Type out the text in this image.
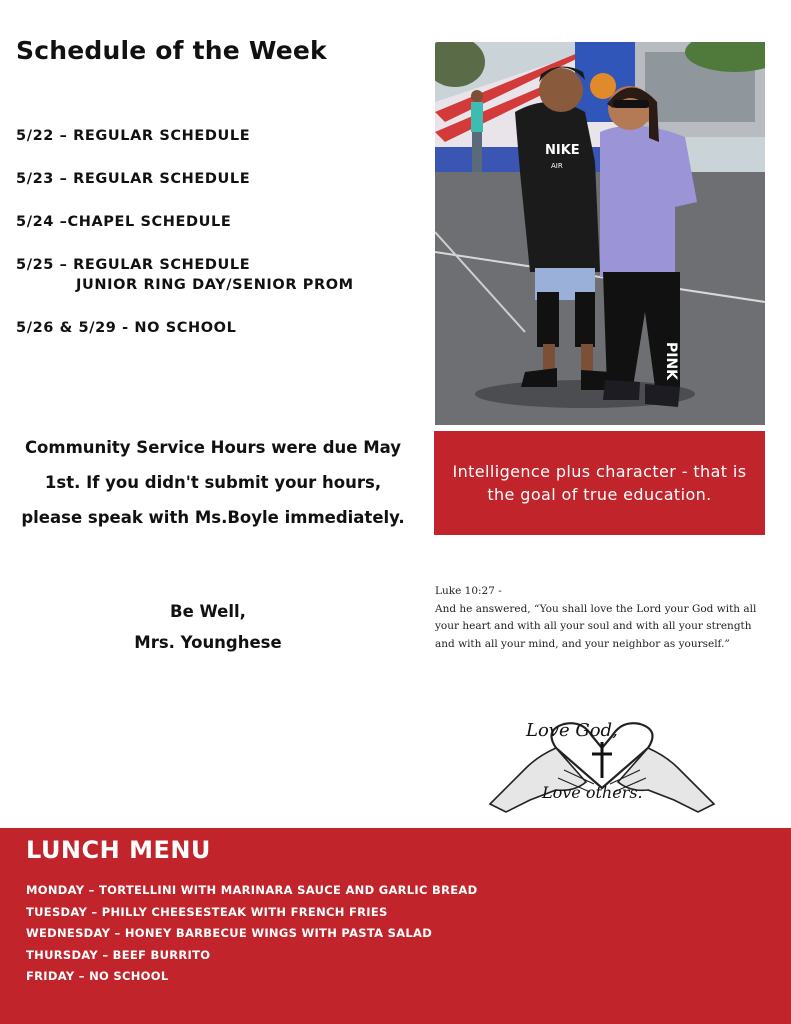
Schedule of the Week
5/22 – REGULAR SCHEDULE
5/23 – REGULAR SCHEDULE
5/24 –CHAPEL SCHEDULE
5/25 – REGULAR SCHEDULE
JUNIOR RING DAY/SENIOR PROM
5/26 & 5/29 - NO SCHOOL
NIKE
AIR
PINK
Intelligence plus character - that is the goal of true education.
Community Service Hours were due May 1st. If you didn't submit your hours, please speak with Ms.Boyle immediately.
Be Well,
Mrs. Younghese
Luke 10:27 -
And he answered, “You shall love the Lord your God with all your heart and with all your soul and with all your strength and with all your mind, and your neighbor as yourself.”
Love God,
Love others.
LUNCH MENU
MONDAY – TORTELLINI WITH MARINARA SAUCE AND GARLIC BREAD
TUESDAY – PHILLY CHEESESTEAK WITH FRENCH FRIES
WEDNESDAY – HONEY BARBECUE WINGS WITH PASTA SALAD
THURSDAY – BEEF BURRITO
FRIDAY – NO SCHOOL
